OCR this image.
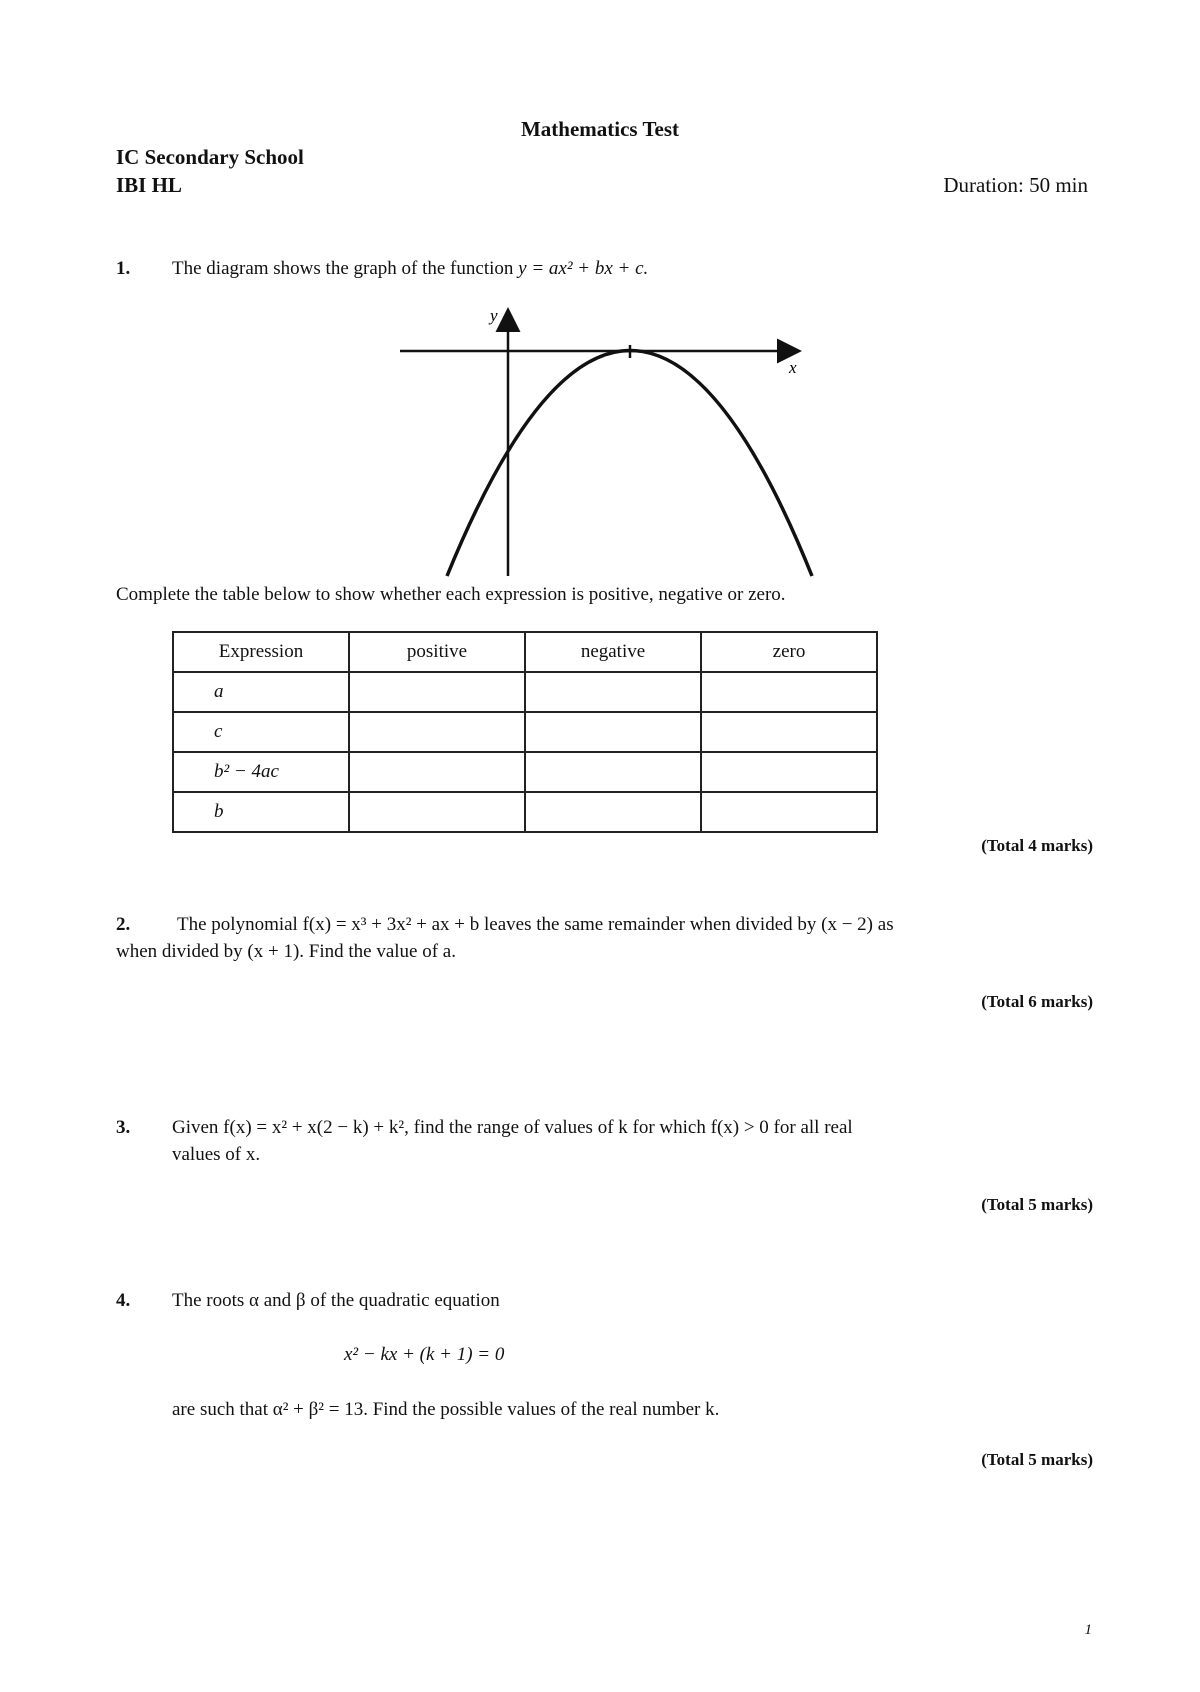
Mathematics Test
IC Secondary School
IBI HL	Duration: 50 min
1. The diagram shows the graph of the function y = ax² + bx + c.
y
x
Complete the table below to show whether each expression is positive, negative or zero.
Expression	positive	negative	zero
a			
c			
b² − 4ac			
b			
(Total 4 marks)
2. The polynomial f(x) = x³ + 3x² + ax + b leaves the same remainder when divided by (x − 2) as
when divided by (x + 1). Find the value of a.
(Total 6 marks)
3. Given f(x) = x² + x(2 − k) + k², find the range of values of k for which f(x) > 0 for all real
values of x.
(Total 5 marks)
4. The roots α and β of the quadratic equation
x² − kx + (k + 1) = 0
are such that α² + β² = 13. Find the possible values of the real number k.
(Total 5 marks)
1
